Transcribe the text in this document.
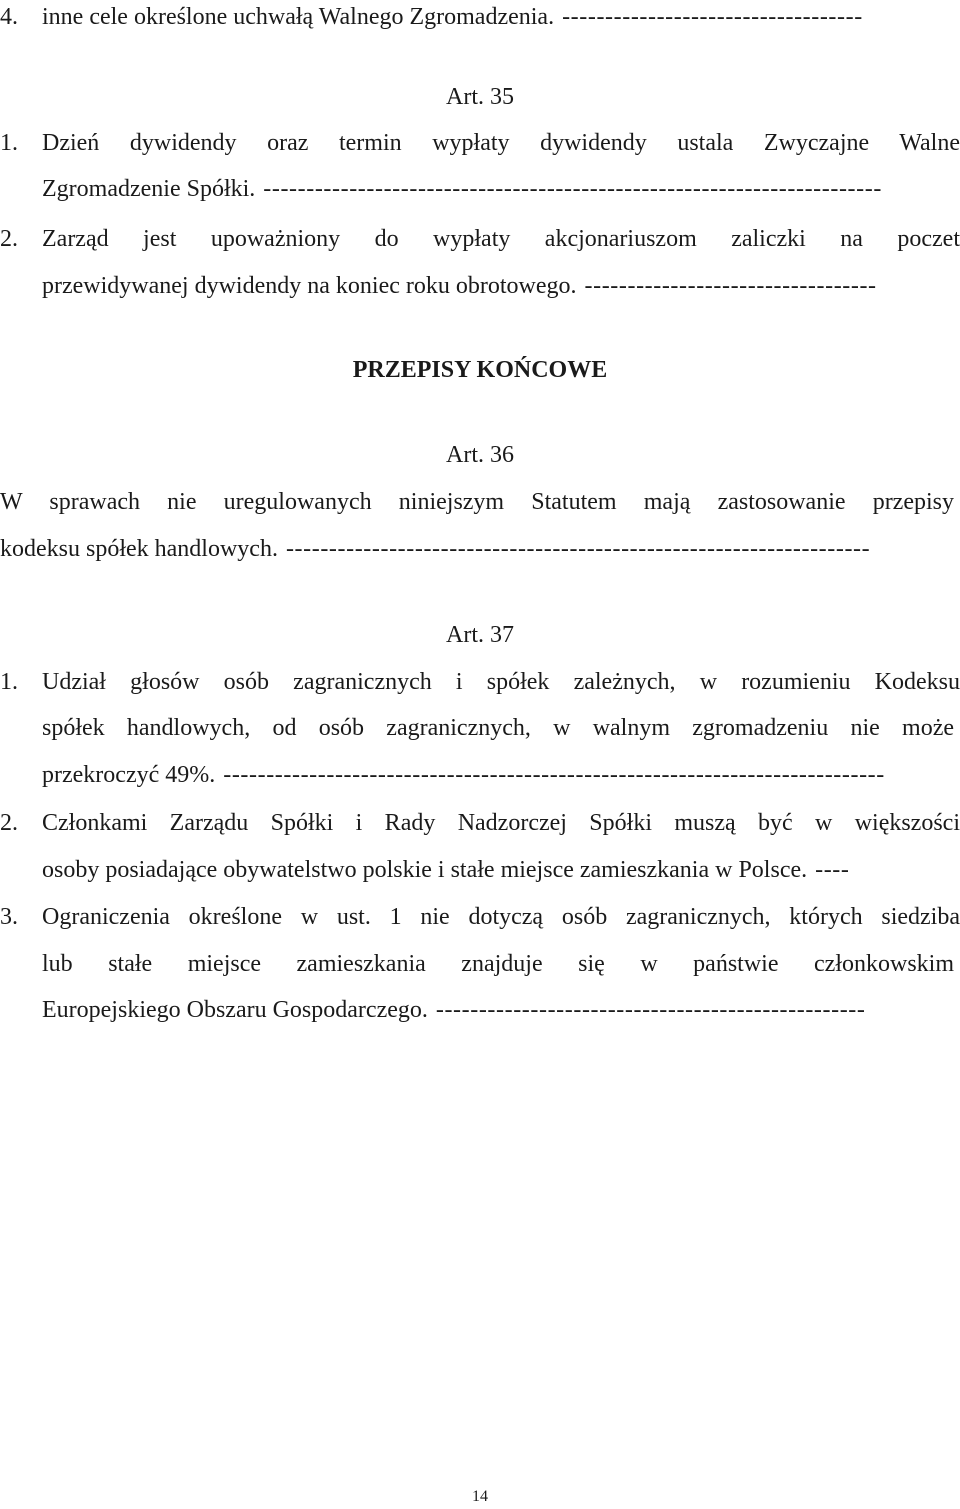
4.	inne cele określone uchwałą Walnego Zgromadzenia. -----------------------------------
Art. 35
1.	Dzień dywidendy oraz termin wypłaty dywidendy ustala Zwyczajne Walne
Zgromadzenie Spółki. ------------------------------------------------------------------------
2.	Zarząd jest upoważniony do wypłaty akcjonariuszom zaliczki na poczet
przewidywanej dywidendy na koniec roku obrotowego. ----------------------------------
PRZEPISY KOŃCOWE
Art. 36
W sprawach nie uregulowanych niniejszym Statutem mają zastosowanie przepisy
kodeksu spółek handlowych. --------------------------------------------------------------------
Art. 37
1.	Udział głosów osób zagranicznych i spółek zależnych, w rozumieniu Kodeksu
spółek handlowych, od osób zagranicznych, w walnym zgromadzeniu nie może
przekroczyć 49%. -----------------------------------------------------------------------------
2.	Członkami Zarządu Spółki i Rady Nadzorczej Spółki muszą być w większości
osoby posiadające obywatelstwo polskie i stałe miejsce zamieszkania w Polsce. ----
3.	Ograniczenia określone w ust. 1 nie dotyczą osób zagranicznych, których siedziba
lub stałe miejsce zamieszkania znajduje się w państwie członkowskim
Europejskiego Obszaru Gospodarczego. --------------------------------------------------
14
